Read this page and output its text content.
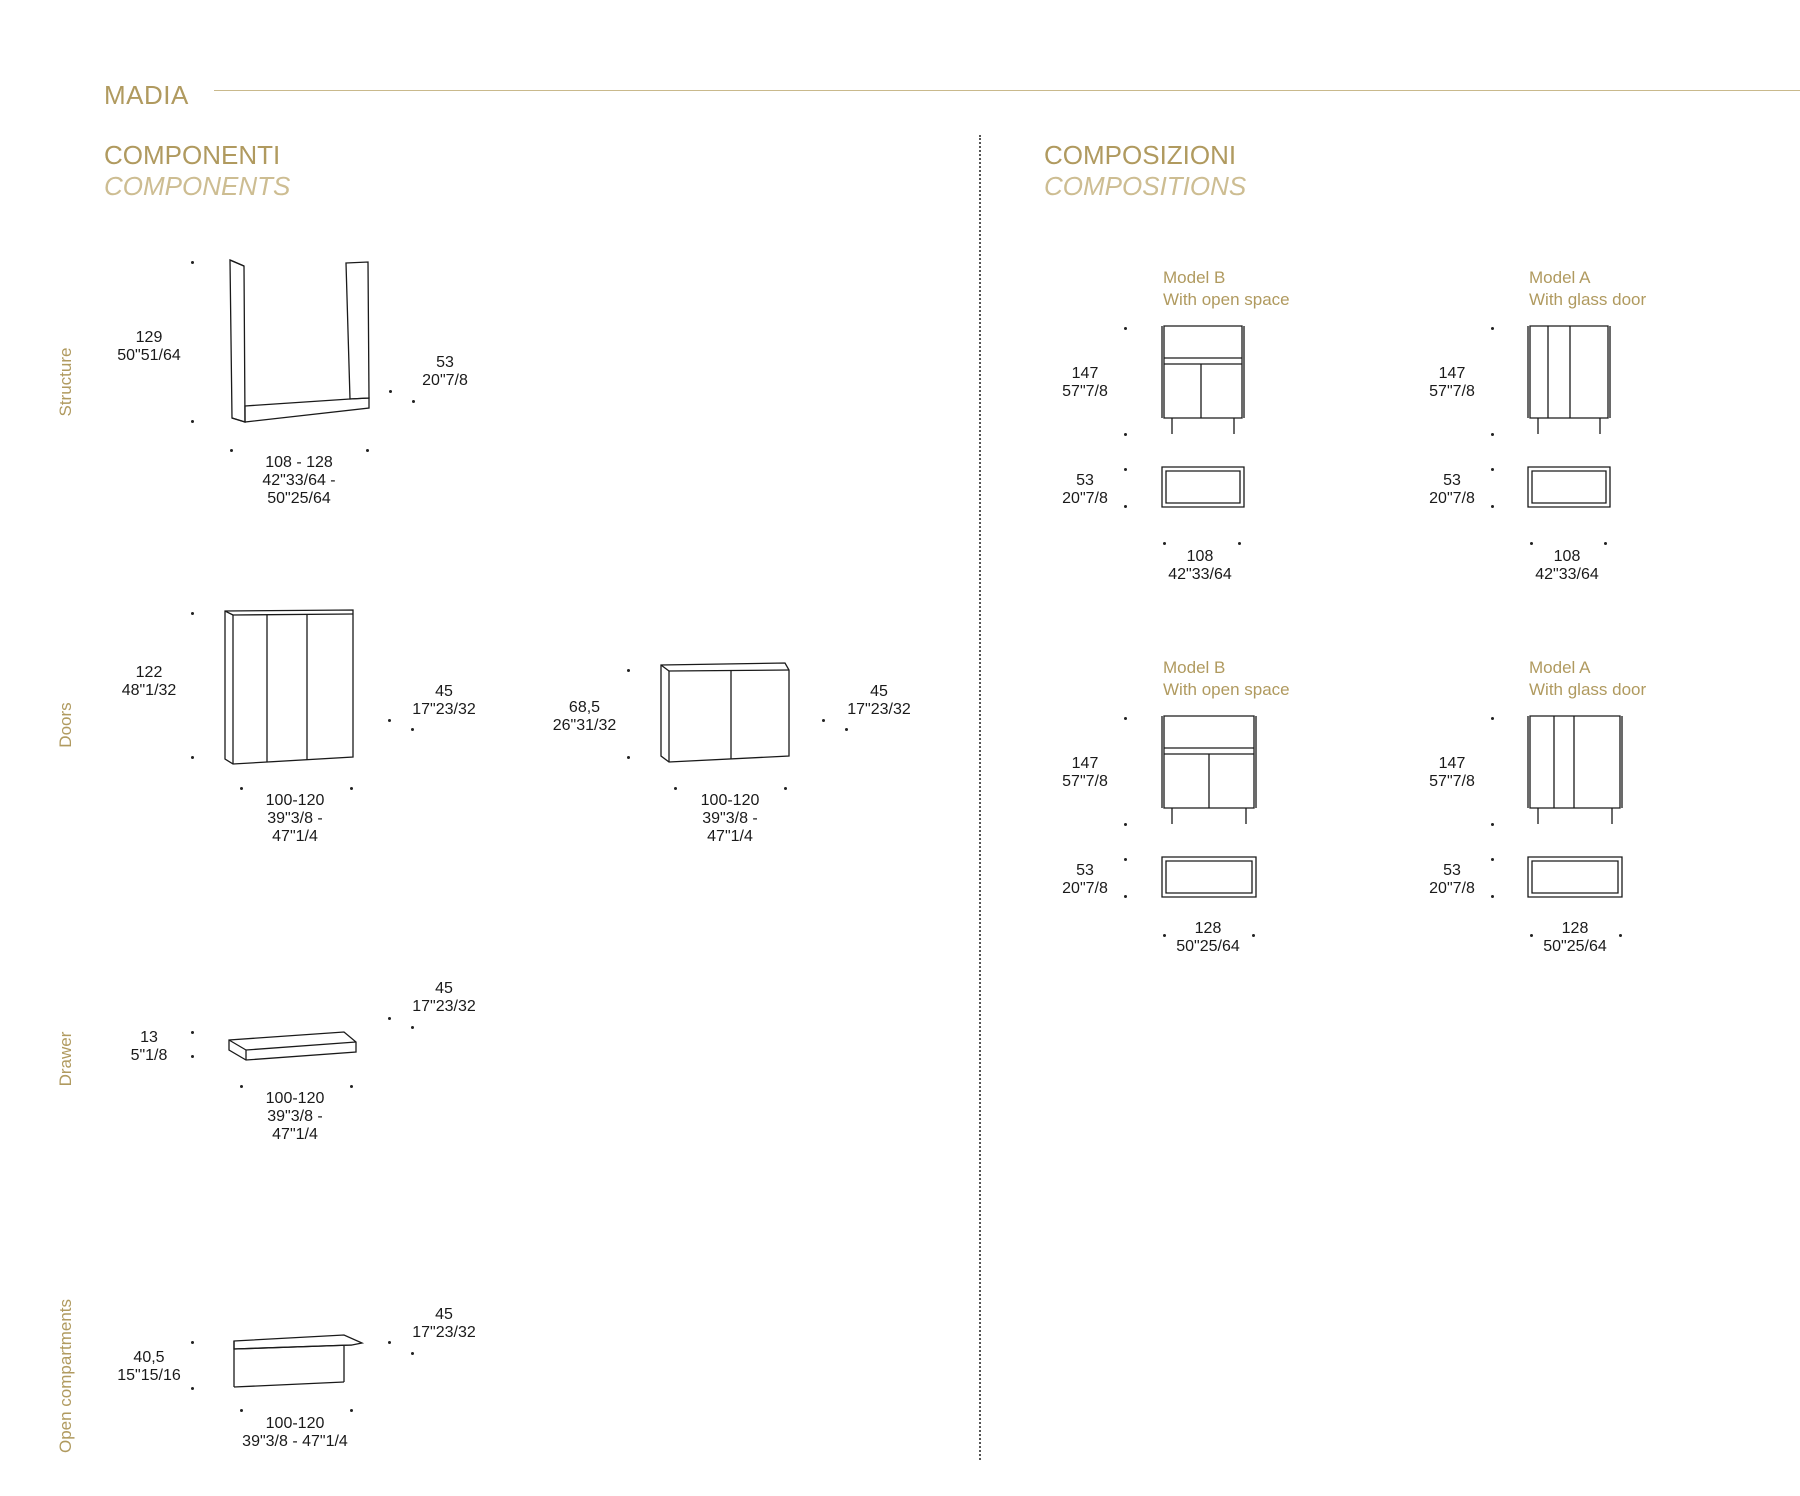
MADIA
COMPONENTI
COMPONENTS
COMPOSIZIONI
COMPOSITIONS
Structure
Doors
Drawer
Open compartments
129
50"51/64	53
20"7/8
108 - 128
42"33/64 -
50"25/64
122
48"1/32	45
17"23/32
100-120
39"3/8 -
47"1/4
68,5
26"31/32
45
17"23/32
100-120
39"3/8 -
47"1/4
13
5"1/8
45
17"23/32
100-120
39"3/8 -
47"1/4
40,5
15"15/16
45
17"23/32
100-120
39"3/8 - 47"1/4
Model B
With open space
147
57"7/8
53
20"7/8
108
42"33/64
Model A
With glass door
147
57"7/8
53
20"7/8
108
42"33/64
Model B
With open space
147
57"7/8
53
20"7/8
128
50"25/64
Model A
With glass door
147
57"7/8
53
20"7/8
128
50"25/64
